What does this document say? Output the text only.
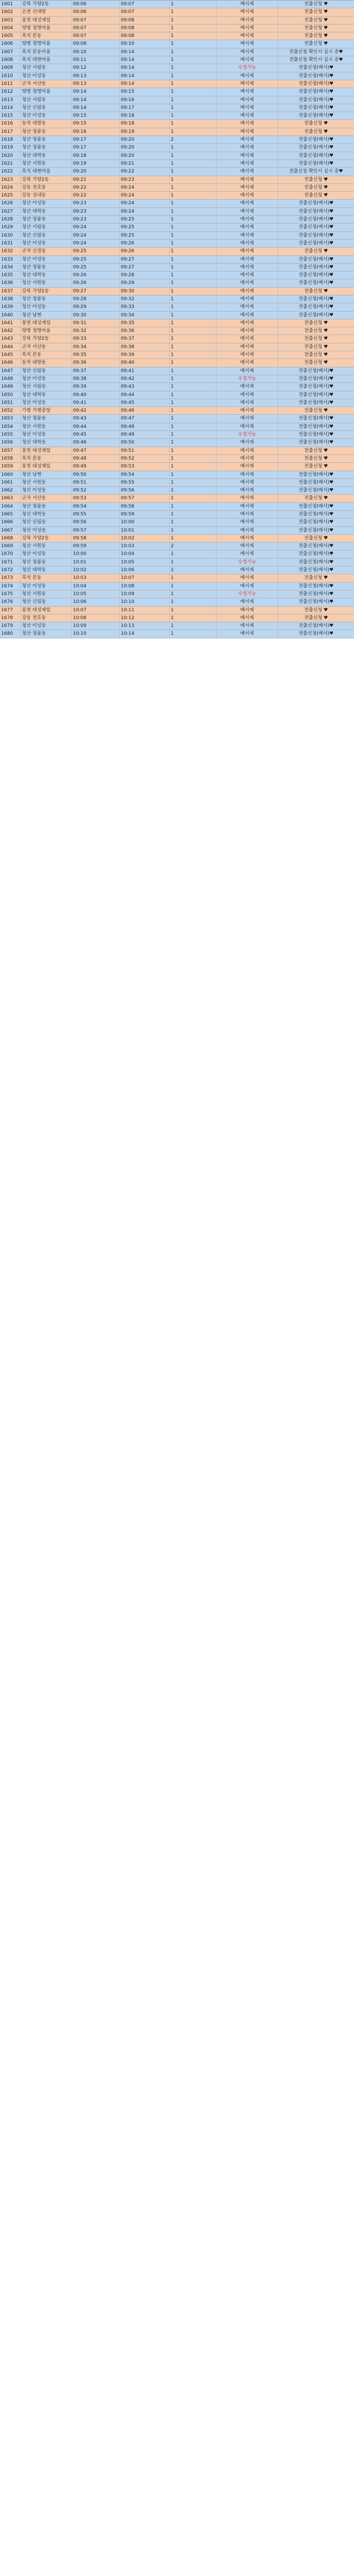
1601	강북 가양2동	09:06	09:07	1	배서제	전출신청 ♥
1602	은천 신대방	09:06	09:07	1	배서제	전출신청 ♥
1603	봉천 대성제일	09:07	09:08	1	배서제	전출신청 ♥
1604	양평 청명마을	09:07	09:08	1	배서제	전출신청 ♥
1605	흑석 본동	09:07	09:08	1	배서제	전출신청 ♥
1606	양평 청명마을	09:08	09:10	1	배서제	전출신청 ♥
1607	흑석 본동마을	09:10	09:14	1	배서제	전출신청 확인서 실시 중♥
1608	흑석 대현마을	09:11	09:14	1	배서제	전출신청 확인서 실시 중♥
1609	청산 서림동	09:12	09:14	1	수정가능	전출신청(배서)♥
1610	청산 미성동	09:13	09:14	1	배서제	전출신청(배서)♥
1611	군자 서산동	09:13	09:14	1	배서제	전출신청(배서)♥
1612	양평 청명마을	09:14	09:15	1	배서제	전출신청(배서)♥
1613	청산 서림동	09:14	09:16	1	배서제	전출신청(배서)♥
1614	청산 신림동	09:14	09:17	1	배서제	전출신청(배서)♥
1615	청산 미성동	09:15	09:18	1	배서제	전출신청(배서)♥
1616	동작 대방동	09:15	09:18	1	배서제	전출신청 ♥
1617	청산 청룡동	09:16	09:19	1	배서제	전출신청 ♥
1618	청산 청룡동	09:17	09:20	2	배서제	전출신청(배서)♥
1619	청산 청룡동	09:17	09:20	1	배서제	전출신청(배서)♥
1620	청산 대학동	09:18	09:20	1	배서제	전출신청(배서)♥
1621	청산 서원동	09:19	09:21	1	배서제	전출신청(배서)♥
1622	흑석 대현마을	09:20	09:22	1	배서제	전출신청 확인서 실시 중♥
1623	강북 가양2동	09:21	09:23	1	배서제	전출신청 ♥
1624	강동 천호동	09:22	09:24	1	배서제	전출신청 ♥
1625	강동 성내동	09:22	09:24	1	배서제	전출신청 ♥
1626	청산 미성동	09:23	09:24	1	배서제	전출신청(배서)♥
1627	청산 대학동	09:23	09:24	1	배서제	전출신청(배서)♥
1628	청산 청룡동	09:23	09:25	1	배서제	전출신청(배서)♥
1629	청산 서림동	09:24	09:25	1	배서제	전출신청(배서)♥
1630	청산 신림동	09:24	09:25	1	배서제	전출신청(배서)♥
1631	청산 미성동	09:24	09:26	1	배서제	전출신청(배서)♥
1632	군자 신정동	09:25	09:26	1	배서제	전출신청 ♥
1633	청산 미성동	09:25	09:27	1	배서제	전출신청(배서)♥
1634	청산 청룡동	09:25	09:27	1	배서제	전출신청(배서)♥
1635	청산 대학동	09:26	09:28	1	배서제	전출신청(배서)♥
1636	청산 서원동	09:26	09:29	1	배서제	전출신청(배서)♥
1637	강북 가양2동	09:27	09:30	1	배서제	전출신청 ♥
1638	청산 청룡동	09:28	09:32	1	배서제	전출신청(배서)♥
1639	청산 미성동	09:29	09:33	1	배서제	전출신청(배서)♥
1640	청산 남현	09:30	09:34	1	배서제	전출신청(배서)♥
1641	봉천 대성제일	09:31	09:35	1	배서제	전출신청 ♥
1642	양평 청명마을	09:32	09:36	1	배서제	전출신청 ♥
1643	강북 가양2동	09:33	09:37	1	배서제	전출신청 ♥
1644	군자 서산동	09:34	09:38	1	배서제	전출신청 ♥
1645	흑석 본동	09:35	09:39	1	배서제	전출신청 ♥
1646	동작 대방동	09:36	09:40	1	배서제	전출신청 ♥
1647	청산 신림동	09:37	09:41	1	배서제	전출신청(배서)♥
1648	청산 미성동	09:38	09:42	1	수정가능	전출신청(배서)♥
1649	청산 서림동	09:39	09:43	1	배서제	전출신청(배서)♥
1650	청산 대학동	09:40	09:44	1	배서제	전출신청(배서)♥
1651	청산 미성동	09:41	09:45	1	배서제	전출신청(배서)♥
1652	가평 가평중앙	09:42	09:46	1	배서제	전출신청 ♥
1653	청산 청룡동	09:43	09:47	1	배서제	전출신청(배서)♥
1654	청산 서원동	09:44	09:48	1	배서제	전출신청(배서)♥
1655	청산 미성동	09:45	09:49	1	수정가능	전출신청(배서)♥
1656	청산 대학동	09:46	09:50	1	배서제	전출신청(배서)♥
1657	봉천 대성제일	09:47	09:51	1	배서제	전출신청 ♥
1658	흑석 본동	09:48	09:52	1	배서제	전출신청 ♥
1659	봉천 대성제일	09:49	09:53	1	배서제	전출신청 ♥
1660	청산 남현	09:50	09:54	1	배서제	전출신청(배서)♥
1661	청산 서원동	09:51	09:55	1	배서제	전출신청(배서)♥
1662	청산 미성동	09:52	09:56	1	배서제	전출신청(배서)♥
1663	군자 서산동	09:53	09:57	1	배서제	전출신청 ♥
1664	청산 청룡동	09:54	09:58	1	배서제	전출신청(배서)♥
1665	청산 대학동	09:55	09:59	1	배서제	전출신청(배서)♥
1666	청산 신림동	09:56	10:00	1	배서제	전출신청(배서)♥
1667	청산 미성동	09:57	10:01	1	배서제	전출신청(배서)♥
1668	강북 가양2동	09:58	10:02	1	배서제	전출신청 ♥
1669	청산 서원동	09:59	10:03	2	배서제	전출신청(배서)♥
1670	청산 미성동	10:00	10:04	1	배서제	전출신청(배서)♥
1671	청산 청룡동	10:01	10:05	1	수정가능	전출신청(배서)♥
1672	청산 대학동	10:02	10:06	1	배서제	전출신청(배서)♥
1673	흑석 본동	10:03	10:07	1	배서제	전출신청 ♥
1674	청산 미성동	10:04	10:08	1	배서제	전출신청(배서)♥
1675	청산 서원동	10:05	10:09	1	수정가능	전출신청(배서)♥
1676	청산 신림동	10:06	10:10	1	배서제	전출신청(배서)♥
1677	봉천 대성제일	10:07	10:11	1	배서제	전출신청 ♥
1678	강동 천호동	10:08	10:12	1	배서제	전출신청 ♥
1679	청산 미성동	10:09	10:13	1	배서제	전출신청(배서)♥
1680	청산 청룡동	10:10	10:14	1	배서제	전출신청(배서)♥
